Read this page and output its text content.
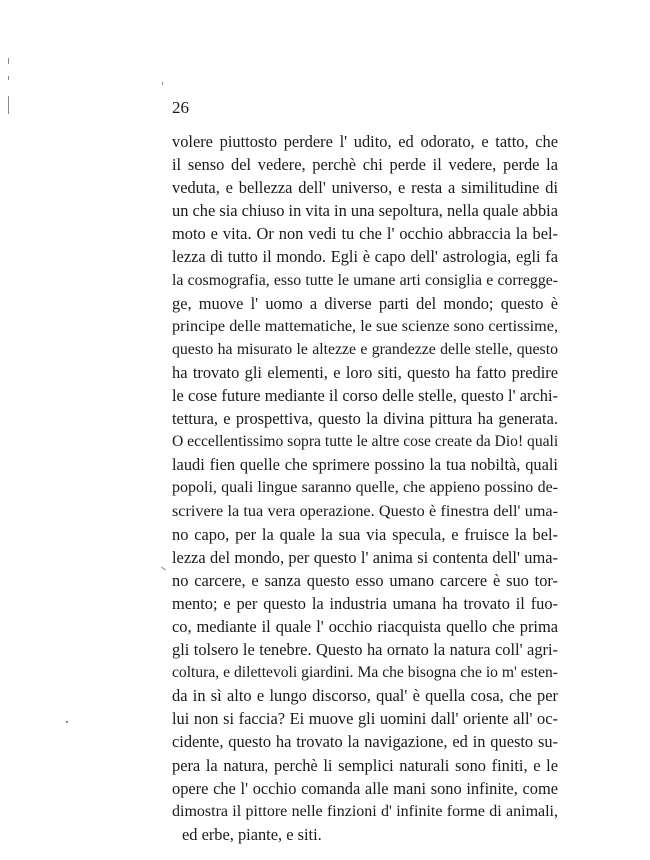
26
volere piuttosto perdere l' udito, ed odorato, e tatto, che
il senso del vedere, perchè chi perde il vedere, perde la
veduta, e bellezza dell' universo, e resta a similitudine di
un che sia chiuso in vita in una sepoltura, nella quale abbia
moto e vita. Or non vedi tu che l' occhio abbraccia la bel-
lezza di tutto il mondo. Egli è capo dell' astrologia, egli fa
la cosmografia, esso tutte le umane arti consiglia e corregge-
ge, muove l' uomo a diverse parti del mondo; questo è
principe delle mattematiche, le sue scienze sono certissime,
questo ha misurato le altezze e grandezze delle stelle, questo
ha trovato gli elementi, e loro siti, questo ha fatto predire
le cose future mediante il corso delle stelle, questo l' archi-
tettura, e prospettiva, questo la divina pittura ha generata.
O eccellentissimo sopra tutte le altre cose create da Dio! quali
laudi fien quelle che sprimere possino la tua nobiltà, quali
popoli, quali lingue saranno quelle, che appieno possino de-
scrivere la tua vera operazione. Questo è finestra dell' uma-
no capo, per la quale la sua via specula, e fruisce la bel-
lezza del mondo, per questo l' anima si contenta dell' uma-
no carcere, e sanza questo esso umano carcere è suo tor-
mento; e per questo la industria umana ha trovato il fuo-
co, mediante il quale l' occhio riacquista quello che prima
gli tolsero le tenebre. Questo ha ornato la natura coll' agri-
coltura, e dilettevoli giardini. Ma che bisogna che io m' esten-
da in sì alto e lungo discorso, qual' è quella cosa, che per
lui non si faccia? Ei muove gli uomini dall' oriente all' oc-
cidente, questo ha trovato la navigazione, ed in questo su-
pera la natura, perchè li semplici naturali sono finiti, e le
opere che l' occhio comanda alle mani sono infinite, come
dimostra il pittore nelle finzioni d' infinite forme di animali,
ed erbe, piante, e siti.
